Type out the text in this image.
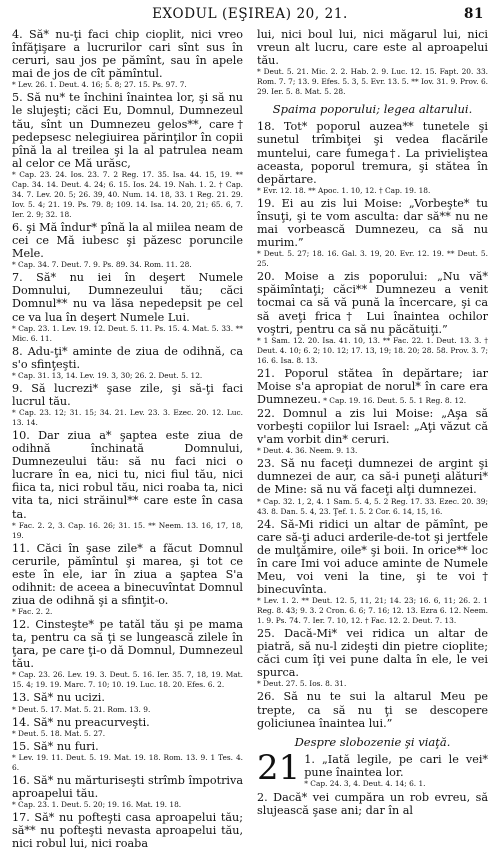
EXODUL (EŞIREA) 20, 21.	81
4. Să* nu-ţi faci chip cioplit, nici vreo înfăţişare a lucrurilor cari sînt sus în ceruri, sau jos pe pămînt, sau în apele mai de jos de cît pămîntul.
* Lev. 26. 1. Deut. 4. 16; 5. 8; 27. 15. Ps. 97. 7.
5. Să nu* te închini înaintea lor, şi să nu le slujeşti; căci Eu, Domnul, Dumnezeul tău, sînt un Dumnezeu gelos**, care† pedepsesc nelegiuirea părinţilor în copii pînă la al treilea şi la al patrulea neam al celor ce Mă urăsc,
* Cap. 23. 24. Ios. 23. 7. 2 Reg. 17. 35. Isa. 44. 15, 19. ** Cap. 34. 14. Deut. 4. 24; 6. 15. Ios. 24. 19. Nah. 1. 2. † Cap. 34. 7. Lev. 20. 5; 26. 39, 40. Num. 14. 18, 33. 1 Reg. 21. 29. Iov. 5. 4; 21. 19. Ps. 79. 8; 109. 14. Isa. 14. 20, 21; 65. 6, 7. Ier. 2. 9; 32. 18.
6. şi Mă îndur* pînă la al miilea neam de cei ce Mă iubesc şi păzesc poruncile Mele.
* Cap. 34. 7. Deut. 7. 9. Ps. 89. 34. Rom. 11. 28.
7. Să* nu iei în deşert Numele Domnului, Dumnezeului tău; căci Domnul** nu va lăsa nepedepsit pe cel ce va lua în deşert Numele Lui.
* Cap. 23. 1. Lev. 19. 12. Deut. 5. 11. Ps. 15. 4. Mat. 5. 33. ** Mic. 6. 11.
8. Adu-ţi* aminte de ziua de odihnă, ca s'o sfinţeşti.
* Cap. 31. 13, 14. Lev. 19. 3, 30; 26. 2. Deut. 5. 12.
9. Să lucrezi* şase zile, şi să-ţi faci lucrul tău.
* Cap. 23. 12; 31. 15; 34. 21. Lev. 23. 3. Ezec. 20. 12. Luc. 13. 14.
10. Dar ziua a* şaptea este ziua de odihnă închinată Domnului, Dumnezeului tău: să nu faci nici o lucrare în ea, nici tu, nici fiul tău, nici fiica ta, nici robul tău, nici roaba ta, nici vita ta, nici străinul** care este în casa ta.
* Fac. 2. 2, 3. Cap. 16. 26; 31. 15. ** Neem. 13. 16, 17, 18, 19.
11. Căci în şase zile* a făcut Domnul cerurile, pămîntul şi marea, şi tot ce este în ele, iar în ziua a şaptea S'a odihnit: de aceea a binecuvîntat Domnul ziua de odihnă şi a sfinţit-o.
* Fac. 2. 2.
12. Cinsteşte* pe tatăl tău şi pe mama ta, pentru ca să ţi se lungească zilele în ţara, pe care ţi-o dă Domnul, Dumnezeul tău.
* Cap. 23. 26. Lev. 19. 3. Deut. 5. 16. Ier. 35. 7, 18, 19. Mat. 15. 4; 19. 19. Marc. 7. 10; 10. 19. Luc. 18. 20. Efes. 6. 2.
13. Să* nu ucizi.
* Deut. 5. 17. Mat. 5. 21. Rom. 13. 9.
14. Să* nu preacurveşti.
* Deut. 5. 18. Mat. 5. 27.
15. Să* nu furi.
* Lev. 19. 11. Deut. 5. 19. Mat. 19. 18. Rom. 13. 9. 1 Tes. 4. 6.
16. Să* nu mărturiseşti strîmb împotriva aproapelui tău.
* Cap. 23. 1. Deut. 5. 20; 19. 16. Mat. 19. 18.
17. Să* nu pofteşti casa aproapelui tău; să** nu pofteşti nevasta aproapelui tău, nici robul lui, nici roaba
lui, nici boul lui, nici măgarul lui, nici vreun alt lucru, care este al aproapelui tău.
* Deut. 5. 21. Mic. 2. 2. Hab. 2. 9. Luc. 12. 15. Fapt. 20. 33. Rom. 7. 7; 13. 9. Efes. 5. 3, 5. Evr. 13. 5. ** Iov. 31. 9. Prov. 6. 29. Ier. 5. 8. Mat. 5. 28.
Spaima poporului; legea altarului.
18. Tot* poporul auzea** tunetele şi sunetul trîmbiţei şi vedea flacările muntelui, care fumega†. La privieliştea aceasta, poporul tremura, şi stătea în depărtare.
* Evr. 12. 18. ** Apoc. 1. 10, 12. † Cap. 19. 18.
19. Ei au zis lui Moise: „Vorbeşte* tu însuţi, şi te vom asculta: dar să** nu ne mai vorbească Dumnezeu, ca să nu murim.”
* Deut. 5. 27; 18. 16. Gal. 3. 19, 20. Evr. 12. 19. ** Deut. 5. 25.
20. Moise a zis poporului: „Nu vă* spăimîntaţi; căci** Dumnezeu a venit tocmai ca să vă pună la încercare, şi ca să aveţi frica† Lui înaintea ochilor voştri, pentru ca să nu păcătuiţi.”
* 1 Sam. 12. 20. Isa. 41. 10, 13. ** Fac. 22. 1. Deut. 13. 3. † Deut. 4. 10; 6. 2; 10. 12; 17. 13, 19; 18. 20; 28. 58. Prov. 3. 7; 16. 6. Isa. 8. 13.
21. Poporul stătea în depărtare; iar Moise s'a apropiat de norul* în care era Dumnezeu. * Cap. 19. 16. Deut. 5. 5. 1 Reg. 8. 12.
22. Domnul a zis lui Moise: „Aşa să vorbeşti copiilor lui Israel: „Aţi văzut că v'am vorbit din* ceruri.
* Deut. 4. 36. Neem. 9. 13.
23. Să nu faceţi dumnezei de argint şi dumnezei de aur, ca să-i puneţi alături* de Mine: să nu vă faceţi alţi dumnezei.
* Cap. 32. 1, 2, 4. 1 Sam. 5. 4, 5. 2 Reg. 17. 33. Ezec. 20. 39; 43. 8. Dan. 5. 4, 23. Ţef. 1. 5. 2 Cor. 6. 14, 15, 16.
24. Să-Mi ridici un altar de pămînt, pe care să-ţi aduci arderile-de-tot şi jertfele de mulţămire, oile* şi boii. In orice** loc în care Imi voi aduce aminte de Numele Meu, voi veni la tine, şi te voi† binecuvînta.
* Lev. 1. 2. ** Deut. 12. 5, 11, 21; 14. 23; 16. 6, 11; 26. 2. 1 Reg. 8. 43; 9. 3. 2 Cron. 6. 6; 7. 16; 12. 13. Ezra 6. 12. Neem. 1. 9. Ps. 74. 7. Ier. 7. 10, 12. † Fac. 12. 2. Deut. 7. 13.
25. Dacă-Mi* vei ridica un altar de piatră, să nu-l zideşti din pietre cioplite; căci cum îţi vei pune dalta în ele, le vei spurca.
* Deut. 27. 5. Ios. 8. 31.
26. Să nu te sui la altarul Meu pe trepte, ca să nu ţi se descopere goliciunea înaintea lui.”
Despre slobozenie şi viaţă.
21 1. „Iată legile, pe cari le vei* pune înaintea lor.
* Cap. 24. 3, 4. Deut. 4. 14; 6. 1.
2. Dacă* vei cumpăra un rob evreu, să slujească şase ani; dar în al
